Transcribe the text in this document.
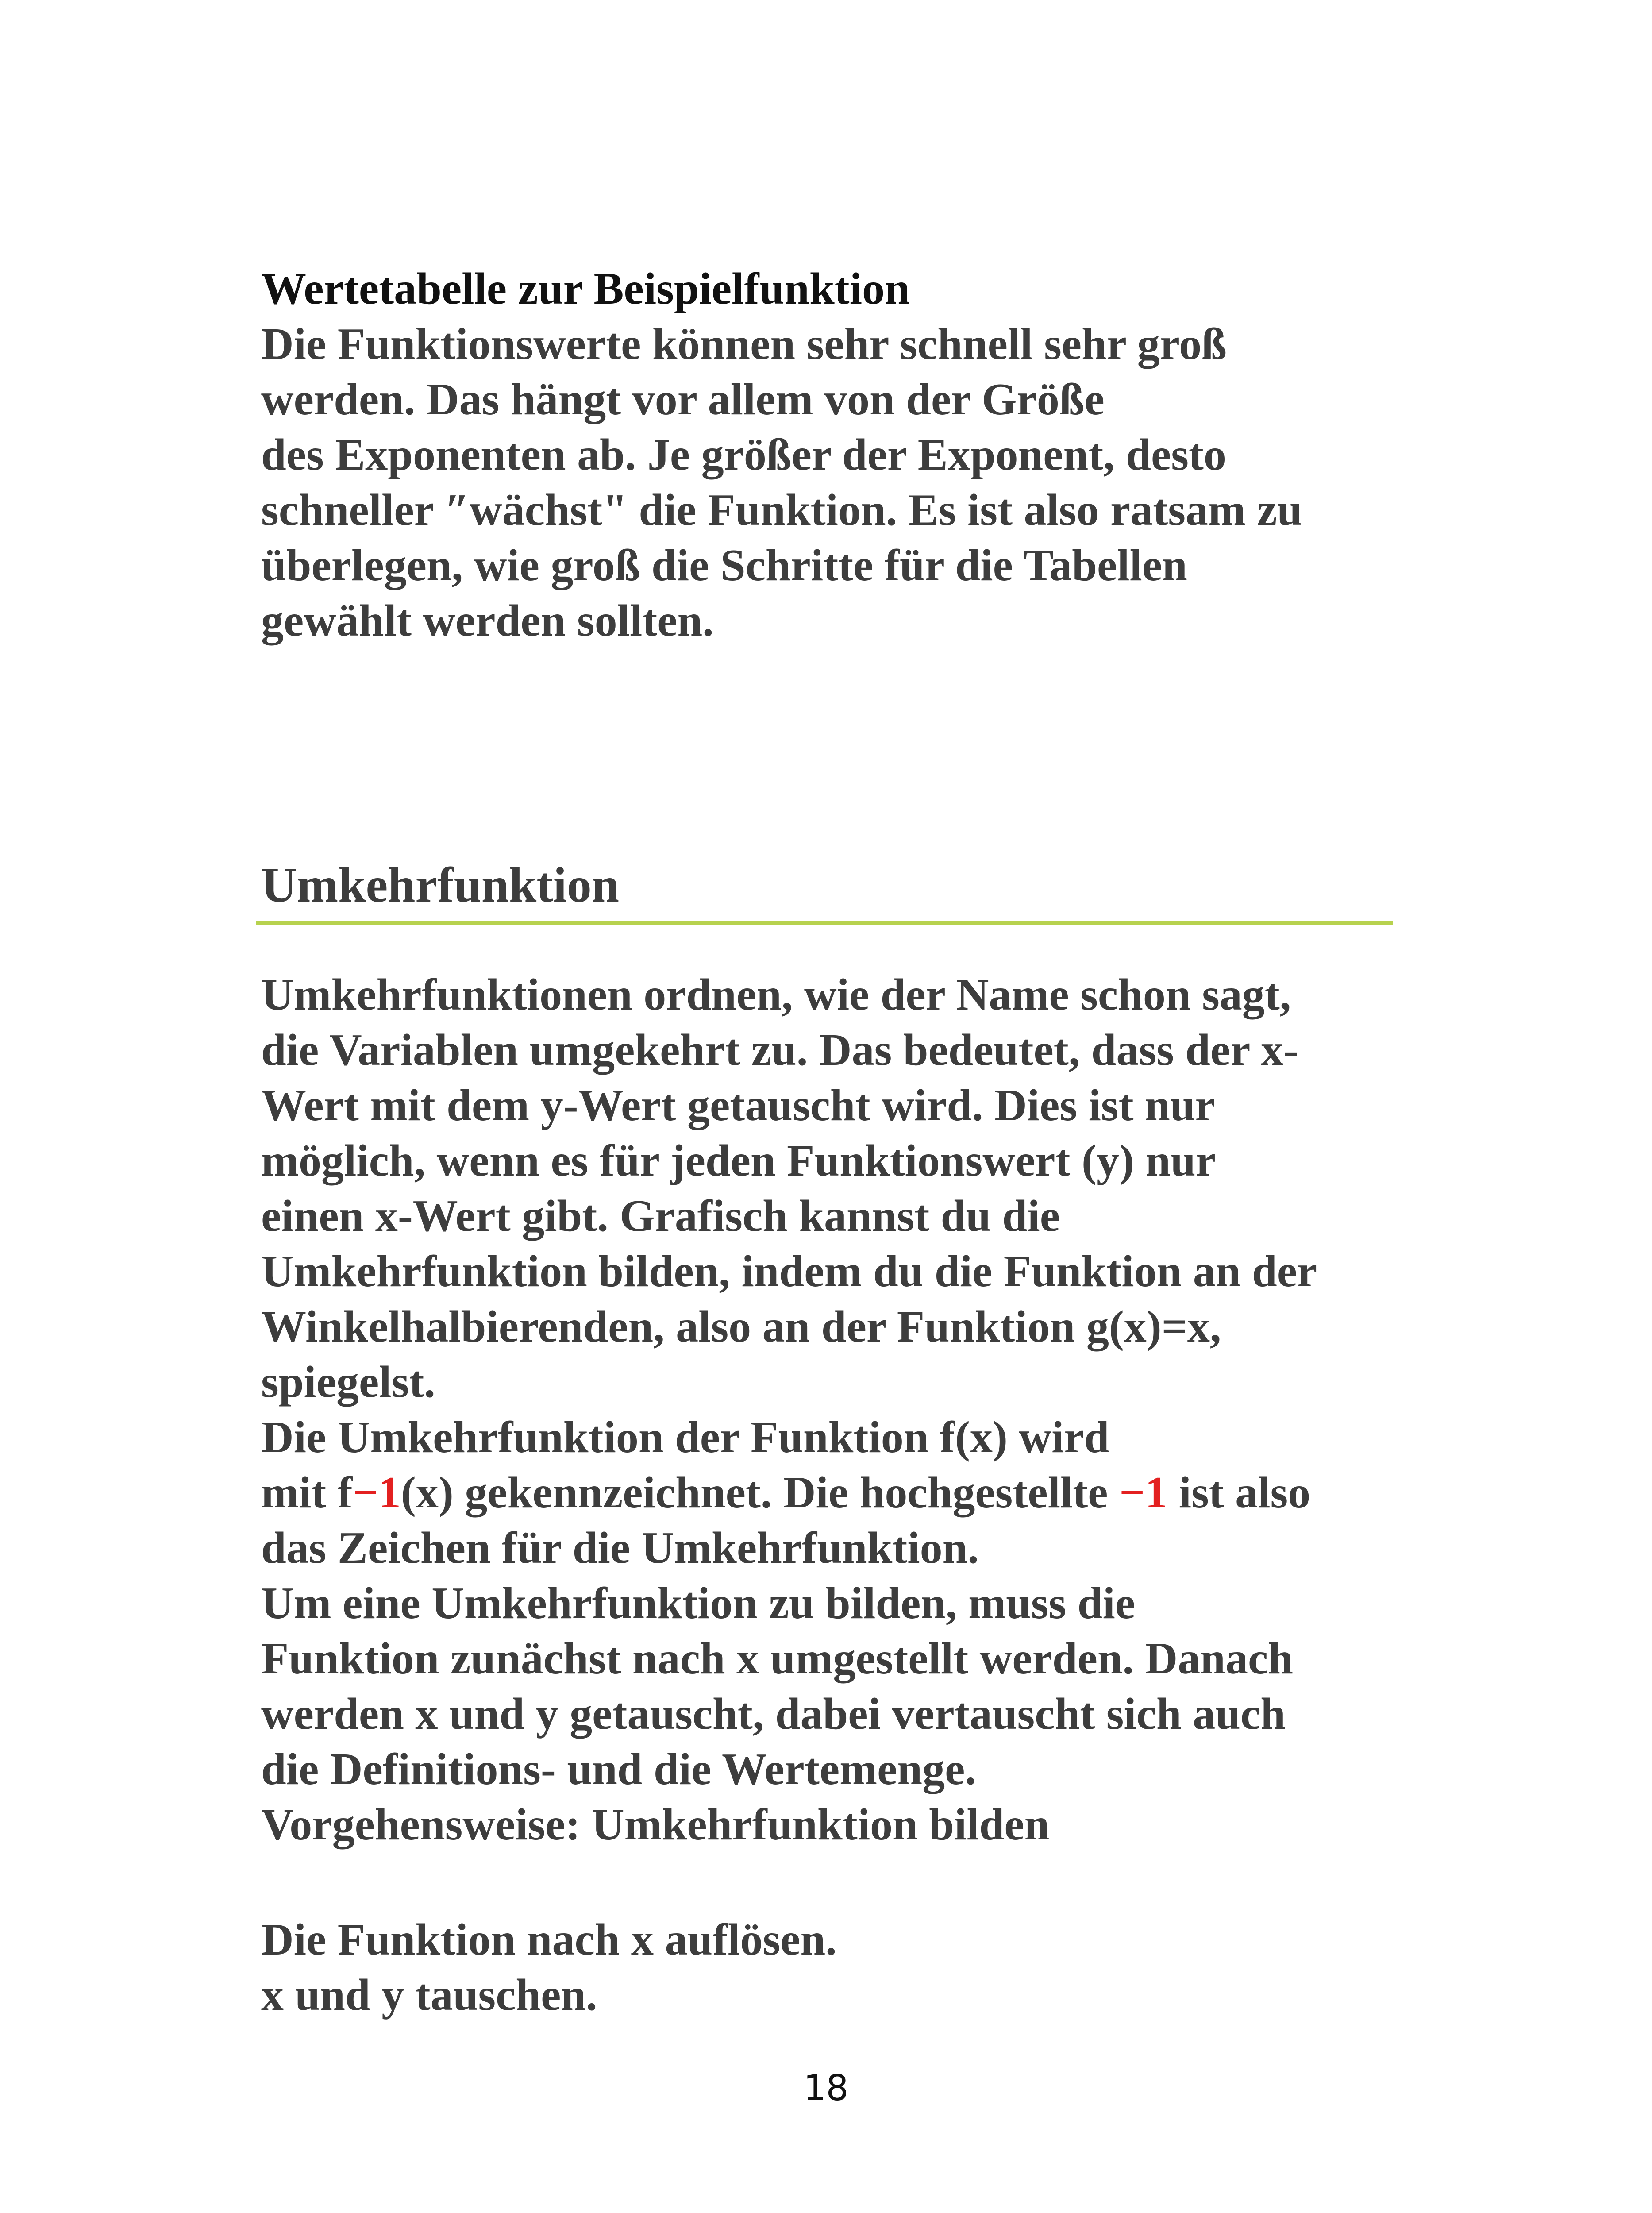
Wertetabelle zur Beispielfunktion
Die Funktionswerte können sehr schnell sehr groß
werden. Das hängt vor allem von der Größe
des Exponenten ab. Je größer der Exponent, desto
schneller ″wächst" die Funktion. Es ist also ratsam zu
überlegen, wie groß die Schritte für die Tabellen
gewählt werden sollten.
Umkehrfunktion
Umkehrfunktionen ordnen, wie der Name schon sagt,
die Variablen umgekehrt zu. Das bedeutet, dass der x-
Wert mit dem y-Wert getauscht wird. Dies ist nur
möglich, wenn es für jeden Funktionswert (y) nur
einen x-Wert gibt. Grafisch kannst du die
Umkehrfunktion bilden, indem du die Funktion an der
Winkelhalbierenden, also an der Funktion g(x)=x,
spiegelst.
Die Umkehrfunktion der Funktion f(x) wird
mit f−1(x) gekennzeichnet. Die hochgestellte −1 ist also
das Zeichen für die Umkehrfunktion.
Um eine Umkehrfunktion zu bilden, muss die
Funktion zunächst nach x umgestellt werden. Danach
werden x und y getauscht, dabei vertauscht sich auch
die Definitions- und die Wertemenge.
Vorgehensweise: Umkehrfunktion bilden
Die Funktion nach x auflösen.
x und y tauschen.
18
